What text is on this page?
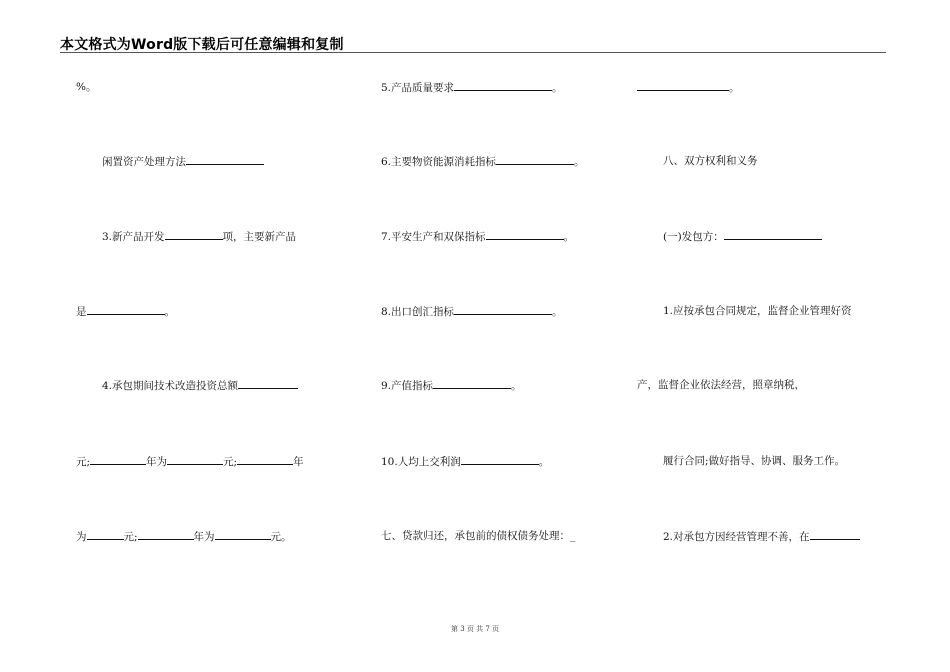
本文格式为Word版下载后可任意编辑和复制
%。
闲置资产处理方法
3.新产品开发	项，主要新产品
是	。
4.承包期间技术改造投资总额
元;	年为	元;	年
为	元;	年为	元。
5.产品质量要求	。
6.主要物资能源消耗指标	。
7.平安生产和双保指标	。
8.出口创汇指标	。
9.产值指标	。
10.人均上交利润	。
七、贷款归还，承包前的债权债务处理：_
。
八、双方权利和义务
(一)发包方：
1.应按承包合同规定，监督企业管理好资
产，监督企业依法经营，照章纳税，
履行合同;做好指导、协调、服务工作。
2.对承包方因经营管理不善，在
第 3 页 共 7 页
